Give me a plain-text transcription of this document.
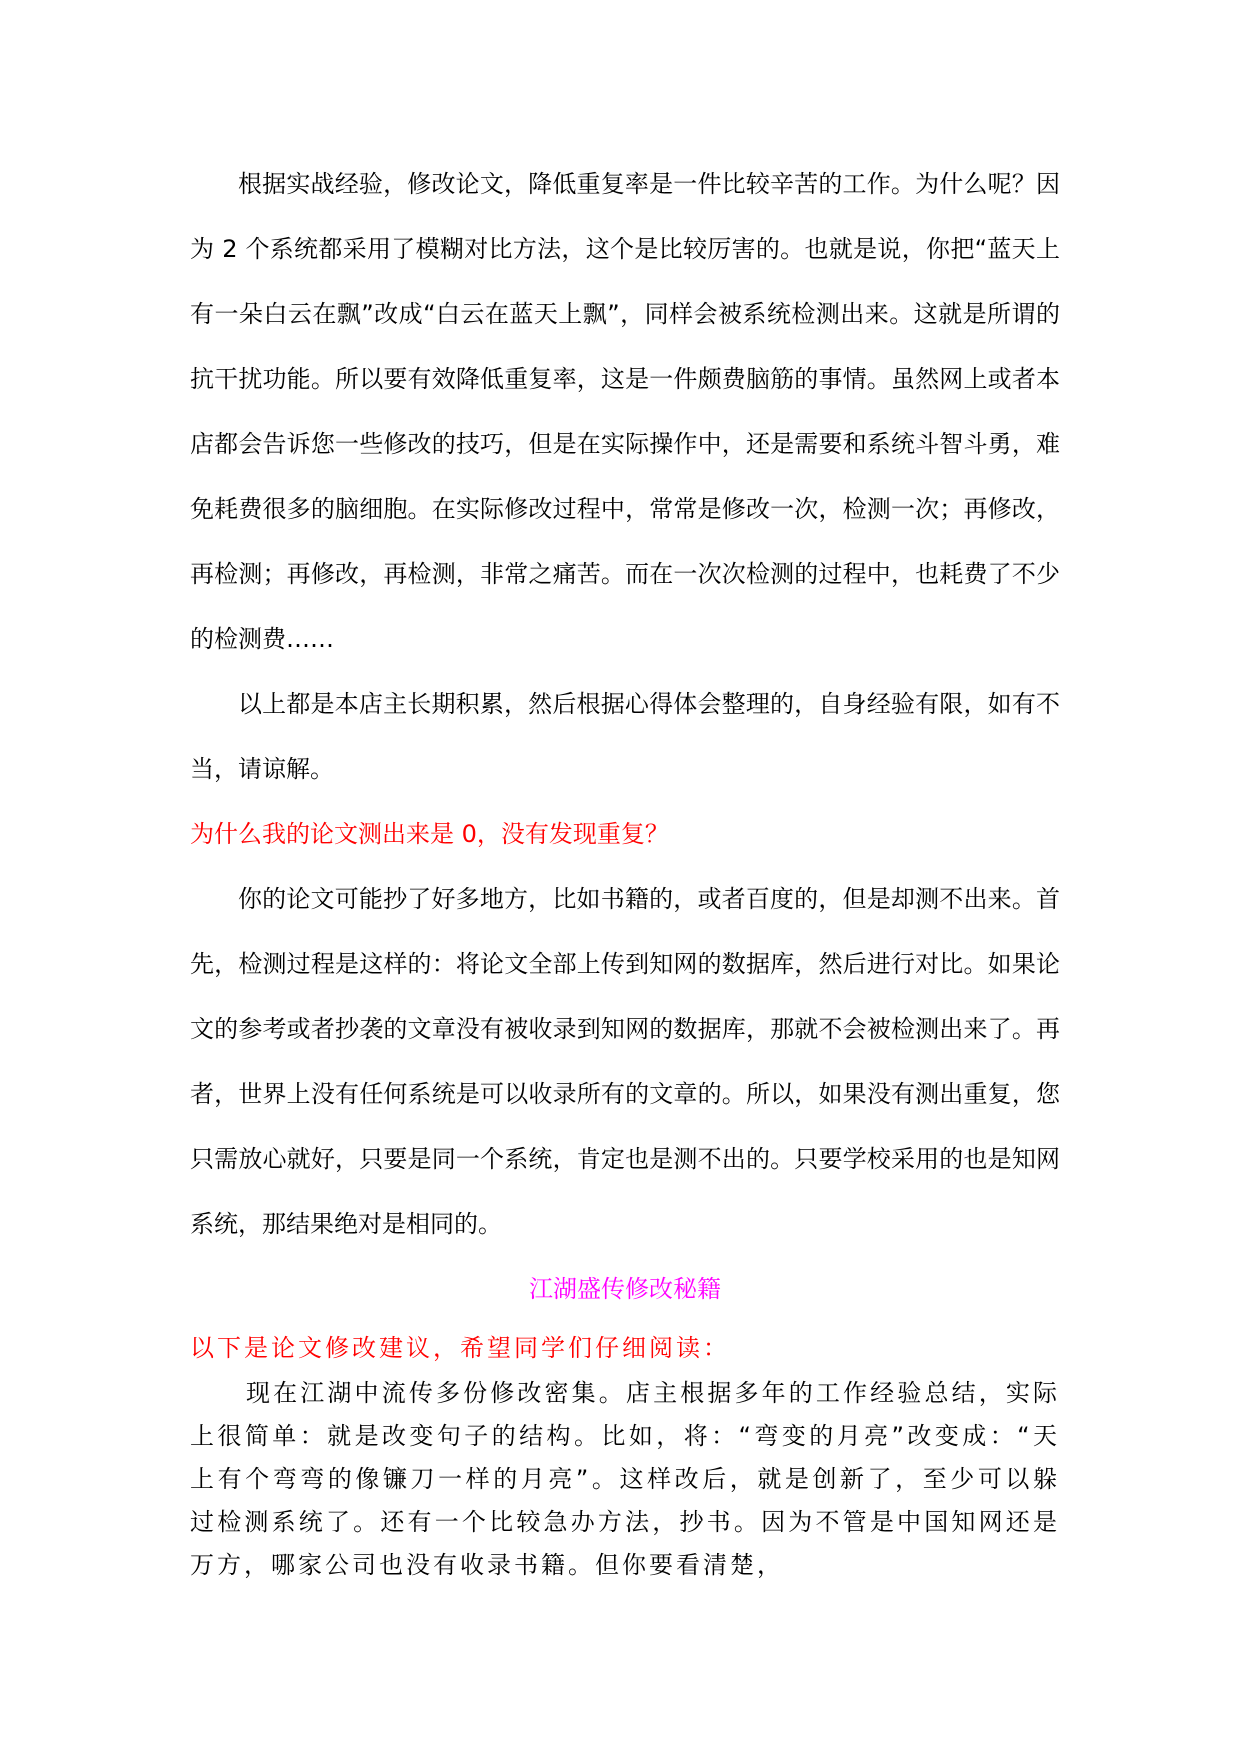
根据实战经验，修改论文，降低重复率是一件比较辛苦的工作。为什么呢？因为 2 个系统都采用了模糊对比方法，这个是比较厉害的。也就是说，你把“蓝天上有一朵白云在飘”改成“白云在蓝天上飘”，同样会被系统检测出来。这就是所谓的抗干扰功能。所以要有效降低重复率，这是一件颇费脑筋的事情。虽然网上或者本店都会告诉您一些修改的技巧，但是在实际操作中，还是需要和系统斗智斗勇，难免耗费很多的脑细胞。在实际修改过程中，常常是修改一次，检测一次；再修改，再检测；再修改，再检测，非常之痛苦。而在一次次检测的过程中，也耗费了不少的检测费……

以上都是本店主长期积累，然后根据心得体会整理的，自身经验有限，如有不当，请谅解。

为什么我的论文测出来是 0，没有发现重复？

你的论文可能抄了好多地方，比如书籍的，或者百度的，但是却测不出来。首先，检测过程是这样的：将论文全部上传到知网的数据库，然后进行对比。如果论文的参考或者抄袭的文章没有被收录到知网的数据库，那就不会被检测出来了。再者，世界上没有任何系统是可以收录所有的文章的。所以，如果没有测出重复，您只需放心就好，只要是同一个系统，肯定也是测不出的。只要学校采用的也是知网系统，那结果绝对是相同的。

江湖盛传修改秘籍

以下是论文修改建议，希望同学们仔细阅读：

现在江湖中流传多份修改密集。店主根据多年的工作经验总结，实际上很简单：就是改变句子的结构。比如，将：“弯变的月亮”改变成：“天上有个弯弯的像镰刀一样的月亮”。这样改后，就是创新了，至少可以躲过检测系统了。还有一个比较急办方法，抄书。因为不管是中国知网还是万方，哪家公司也没有收录书籍。但你要看清楚，
